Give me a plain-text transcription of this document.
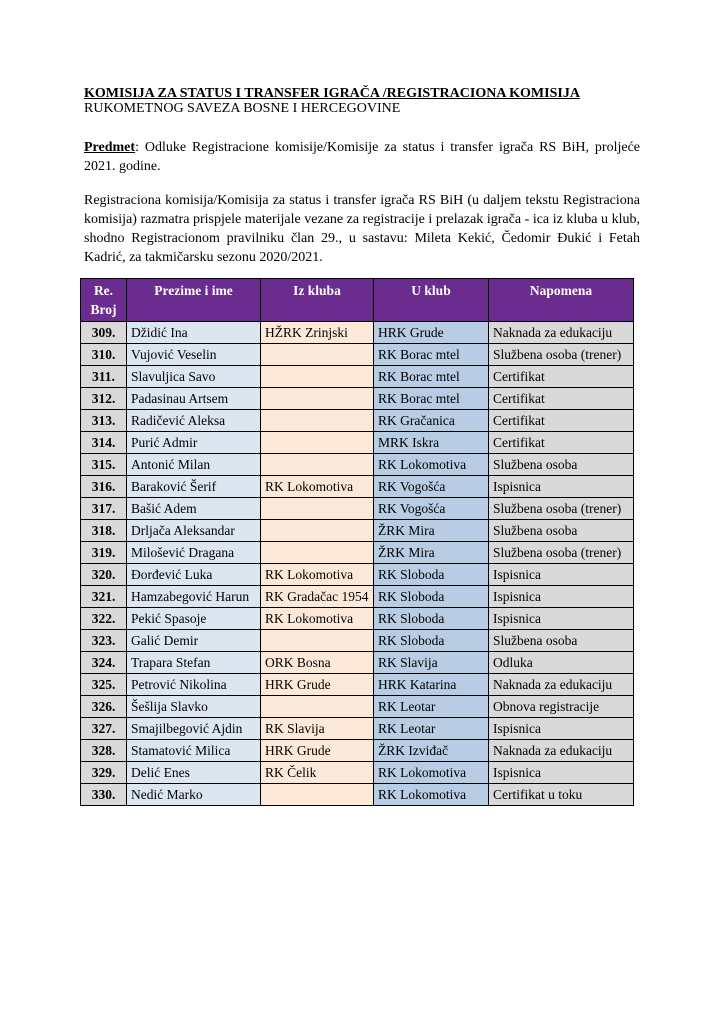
KOMISIJA ZA STATUS I TRANSFER IGRAČA /REGISTRACIONA KOMISIJA
RUKOMETNOG SAVEZA BOSNE I HERCEGOVINE
Predmet: Odluke Registracione komisije/Komisije za status i transfer igrača RS BiH, proljeće 2021. godine.
Registraciona komisija/Komisija za status i transfer igrača RS BiH (u daljem tekstu Registraciona komisija) razmatra prispjele materijale vezane za registracije i prelazak igrača - ica iz kluba u klub, shodno Registracionom pravilniku član 29., u sastavu: Mileta Kekić, Čedomir Đukić i Fetah Kadrić, za takmičarsku sezonu 2020/2021.
Re. Broj	Prezime i ime	Iz kluba	U klub	Napomena
309.	Džidić Ina	HŽRK Zrinjski	HRK Grude	Naknada za edukaciju
310.	Vujović Veselin		RK Borac mtel	Službena osoba (trener)
311.	Slavuljica Savo		RK Borac mtel	Certifikat
312.	Padasinau Artsem		RK Borac mtel	Certifikat
313.	Radičević Aleksa		RK Gračanica	Certifikat
314.	Purić Admir		MRK Iskra	Certifikat
315.	Antonić Milan		RK Lokomotiva	Službena osoba
316.	Baraković Šerif	RK Lokomotiva	RK Vogošća	Ispisnica
317.	Bašić Adem		RK Vogošća	Službena osoba (trener)
318.	Drljača Aleksandar		ŽRK Mira	Službena osoba
319.	Milošević Dragana		ŽRK Mira	Službena osoba (trener)
320.	Đorđević Luka	RK Lokomotiva	RK Sloboda	Ispisnica
321.	Hamzabegović Harun	RK Gradačac 1954	RK Sloboda	Ispisnica
322.	Pekić Spasoje	RK Lokomotiva	RK Sloboda	Ispisnica
323.	Galić Demir		RK Sloboda	Službena osoba
324.	Trapara Stefan	ORK Bosna	RK Slavija	Odluka
325.	Petrović Nikolina	HRK Grude	HRK Katarina	Naknada za edukaciju
326.	Šešlija Slavko		RK Leotar	Obnova registracije
327.	Smajilbegović Ajdin	RK Slavija	RK Leotar	Ispisnica
328.	Stamatović Milica	HRK Grude	ŽRK Izviđač	Naknada za edukaciju
329.	Delić Enes	RK Čelik	RK Lokomotiva	Ispisnica
330.	Nedić Marko		RK Lokomotiva	Certifikat u toku
